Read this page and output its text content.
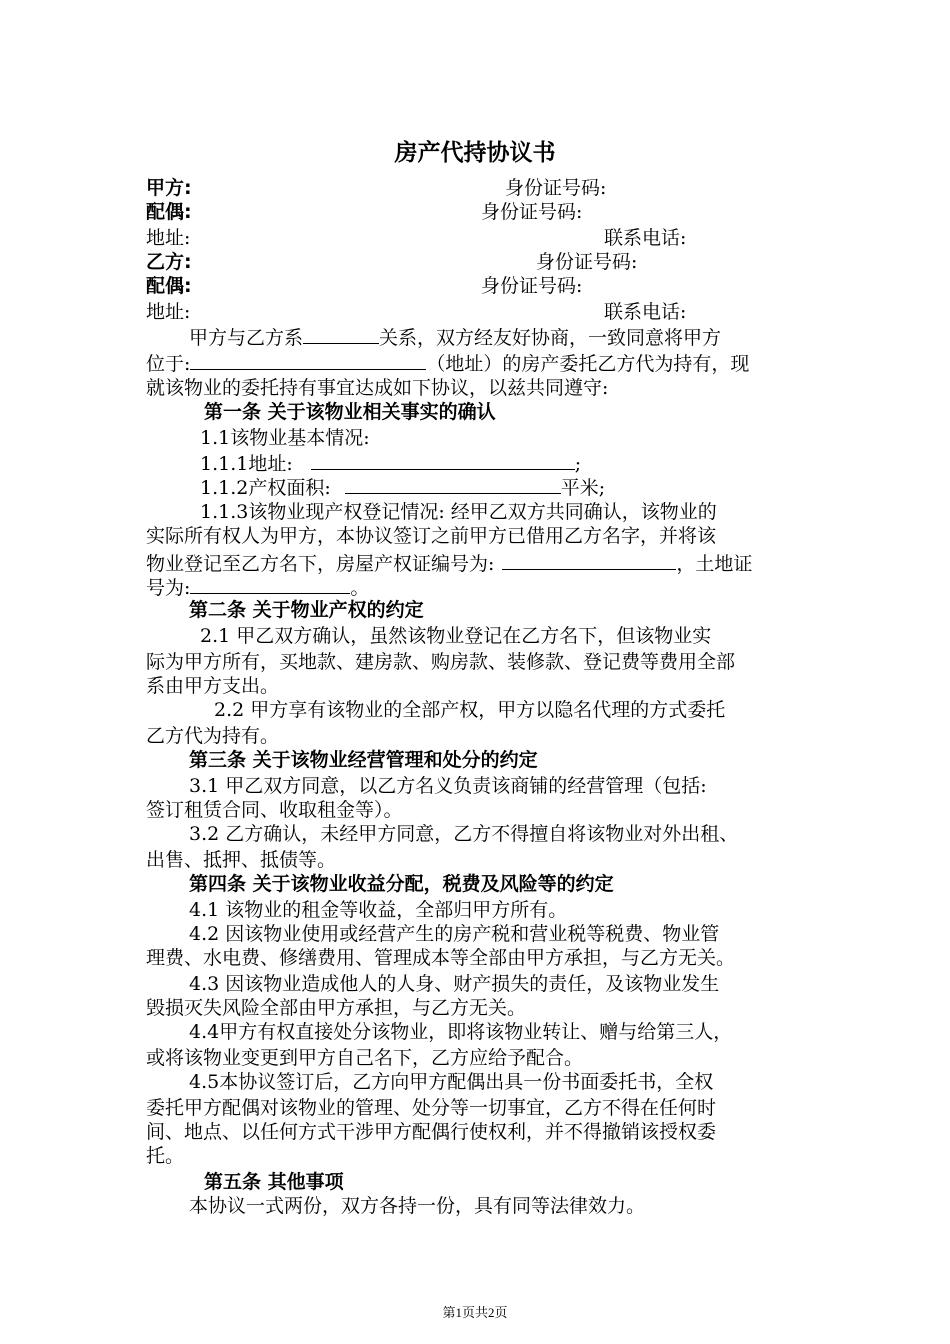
房产代持协议书
甲方:	身份证号码:
配偶:	身份证号码:
地址:	联系电话:
乙方:	身份证号码:
配偶:	身份证号码:
地址:	联系电话:
甲方与乙方系	关系，双方经友好协商，一致同意将甲方
位于:	（地址）的房产委托乙方代为持有，现
就该物业的委托持有事宜达成如下协议，以兹共同遵守:
第一条 关于该物业相关事实的确认
1.1该物业基本情况:
1.1.1地址:	;
1.1.2产权面积:	平米;
1.1.3该物业现产权登记情况: 经甲乙双方共同确认，该物业的
实际所有权人为甲方，本协议签订之前甲方已借用乙方名字，并将该
物业登记至乙方名下，房屋产权证编号为:	，土地证
号为:	。
第二条 关于物业产权的约定
2.1 甲乙双方确认，虽然该物业登记在乙方名下，但该物业实
际为甲方所有，买地款、建房款、购房款、装修款、登记费等费用全部
系由甲方支出。
2.2 甲方享有该物业的全部产权，甲方以隐名代理的方式委托
乙方代为持有。
第三条 关于该物业经营管理和处分的约定
3.1 甲乙双方同意，以乙方名义负责该商铺的经营管理（包括:
签订租赁合同、收取租金等）。
3.2 乙方确认，未经甲方同意，乙方不得擅自将该物业对外出租、
出售、抵押、抵债等。
第四条 关于该物业收益分配，税费及风险等的约定
4.1 该物业的租金等收益，全部归甲方所有。
4.2 因该物业使用或经营产生的房产税和营业税等税费、物业管
理费、水电费、修缮费用、管理成本等全部由甲方承担，与乙方无关。
4.3 因该物业造成他人的人身、财产损失的责任，及该物业发生
毁损灭失风险全部由甲方承担，与乙方无关。
4.4甲方有权直接处分该物业，即将该物业转让、赠与给第三人，
或将该物业变更到甲方自己名下，乙方应给予配合。
4.5本协议签订后，乙方向甲方配偶出具一份书面委托书，全权
委托甲方配偶对该物业的管理、处分等一切事宜，乙方不得在任何时
间、地点、以任何方式干涉甲方配偶行使权利，并不得撤销该授权委
托。
第五条 其他事项
本协议一式两份，双方各持一份，具有同等法律效力。
第1页共2页
